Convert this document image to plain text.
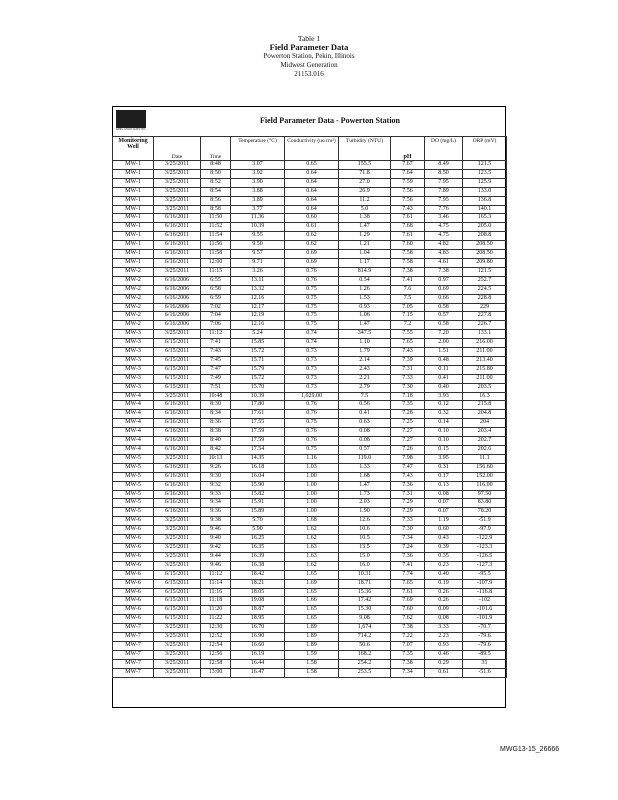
Table 1
Field Parameter Data
Powerton Station, Pekin, Illinois
Midwest Generation
21153.016
KPRG ASSOCIATES INC
Field Parameter Data - Powerton Station
Monitoring Well	Date	Time	Temperature (°C)	Conductivity (us/cm²)	Turbidity (NTU)	pH	DO (mg/L)	ORP (mV)
MW-1	3/25/2011	8:48	3.07	0.65	155.5	7.67	8.49	121.5
MW-1	3/25/2011	8:50	3.92	0.64	71.8	7.64	8.50	123.5
MW-1	3/25/2011	8:52	3.90	0.64	27.0	7.59	7.95	125.9
MW-1	3/25/2011	8:54	3.88	0.64	26.9	7.56	7.89	133.0
MW-1	3/25/2011	8:56	3.89	0.64	11.2	7.56	7.95	136.8
MW-1	3/25/2011	8:58	3.77	0.64	5.0	7.43	7.76	140.1
MW-1	6/16/2011	11:50	11.36	0.60	1.38	7.61	3.46	165.3
MW-1	6/16/2011	11:52	10.39	0.61	1.47	7.68	4.75	205.0
MW-1	6/16/2011	11:54	9.55	0.62	1.29	7.61	4.75	208.8
MW-1	6/16/2011	11:56	9.50	0.62	1.21	7.60	4.82	208.50
MW-1	6/16/2011	11:58	9.57	0.69	1.04	7.58	4.83	208.50
MW-1	6/16/2011	12:00	9.71	0.69	1.17	7.58	4.61	209.80
MW-2	3/25/2011	11:15	3.26	0.76	814.9	7.38	7.38	121.5
MW-2	6/16/2006	6:55	13.11	0.76	0.54	7.41	0.97	252.7
MW-2	6/16/2006	6:58	13.32	0.75	1.26	7.6	0.69	224.5
MW-2	6/16/2006	6:59	12.16	0.75	1.53	7.5	0.66	228.8
MW-2	6/16/2006	7:02	12.17	0.75	0.93	7.05	0.58	229
MW-2	6/16/2006	7:04	12.19	0.75	1.06	7.15	0.57	227.8
MW-2	6/16/2006	7:06	12.16	0.75	1.47	7.2	0.58	226.7
MW-3	3/25/2011	11:12	5.24	0.74	347.5	7.55	7.20	133.1
MW-3	6/15/2011	7:41	15.85	0.74	1.10	7.65	2.00	216.00
MW-3	6/15/2011	7:43	15.72	0.73	1.79	7.43	1.51	211.00
MW-3	6/15/2011	7:45	15.71	0.73	2.14	7.39	0.48	213.40
MW-3	6/15/2011	7:47	15.79	0.73	2.43	7.31	0.11	215.80
MW-3	6/15/2011	7:49	15.72	0.73	2.21	7.33	0.41	211.00
MW-3	6/15/2011	7:51	15.70	0.73	2.79	7.30	0.40	203.5
MW-4	3/25/2011	10:48	10.39	1,029.00	7.5	7.18	3.93	16.3
MW-4	6/16/2011	8:30	17.80	0.76	0.56	7.35	0.12	215.8
MW-4	6/16/2011	8:34	17.61	0.76	0.41	7.28	0.32	204.8
MW-4	6/16/2011	8:36	17.55	0.75	0.63	7.25	0.14	204
MW-4	6/16/2011	8:38	17.59	0.76	0.08	7.27	0.10	203.4
MW-4	6/16/2011	8:40	17.59	0.76	0.08	7.27	0.10	202.7
MW-4	6/16/2011	8:42	17.54	0.75	0.57	7.26	0.15	202.6
MW-5	3/25/2011	10:13	14.35	1.16	119.0	7.98	3.95	11.1
MW-5	6/16/2011	9:26	16.18	1.03	1.33	7.47	0.31	156.60
MW-5	6/16/2011	9:30	16.04	1.00	1.68	7.43	0.17	152.00
MW-5	6/16/2011	9:32	15.90	1.00	1.47	7.36	0.13	116.00
MW-5	6/16/2011	9:33	15.82	1.00	1.73	7.31	0.08	97.50
MW-5	6/16/2011	9:34	15.91	1.00	2.03	7.29	0.07	83.80
MW-5	6/16/2011	9:36	15.89	1.00	1.90	7.29	0.07	78.20
MW-6	3/25/2011	9:38	5.70	1.68	12.6	7.33	1.19	-51.9
MW-6	3/25/2011	9:46	5.90	1.62	10.6	7.30	0.60	-97.9
MW-6	3/25/2011	9:40	16.25	1.62	10.5	7.34	0.43	-122.9
MW-6	3/25/2011	9:42	16.35	1.63	13.5	7.24	0.39	-123.3
MW-6	3/25/2011	9:44	16.39	1.63	15.0	7.36	0.35	-126.5
MW-6	3/25/2011	9:46	16.38	1.62	16.0	7.41	0.23	-127.3
MW-6	6/15/2011	11:12	18.42	1.65	10.31	7.74	0.40	-95.5
MW-6	6/15/2011	11:14	18.21	1.69	18.71	7.65	0.19	-107.9
MW-6	6/15/2011	11:16	18.05	1.65	15.36	7.61	0.26	-116.8
MW-6	6/15/2011	11:18	19.08	1.66	17.42	7.69	0.26	-102
MW-6	6/15/2011	11:20	18.87	1.65	15.30	7.60	0.09	-101.6
MW-6	6/15/2011	11:22	18.95	1.65	9.08	7.62	0.08	-101.9
MW-7	3/25/2011	12:30	16.70	1.89	1,674	7.38	3.33	-70.7
MW-7	3/25/2011	12:52	16.90	1.89	714.2	7.22	2.23	-79.6
MW-7	3/25/2011	12:54	16.60	1.89	50.6	7.07	0.93	-79.6
MW-7	3/25/2011	12:56	16.19	1.59	168.2	7.35	0.46	-89.5
MW-7	3/25/2011	12:58	16.44	1.58	254.2	7.38	0.29	31
MW-7	3/25/2011	13:00	16.47	1.58	253.5	7.34	0.61	-51.6
MWG13-15_26666
